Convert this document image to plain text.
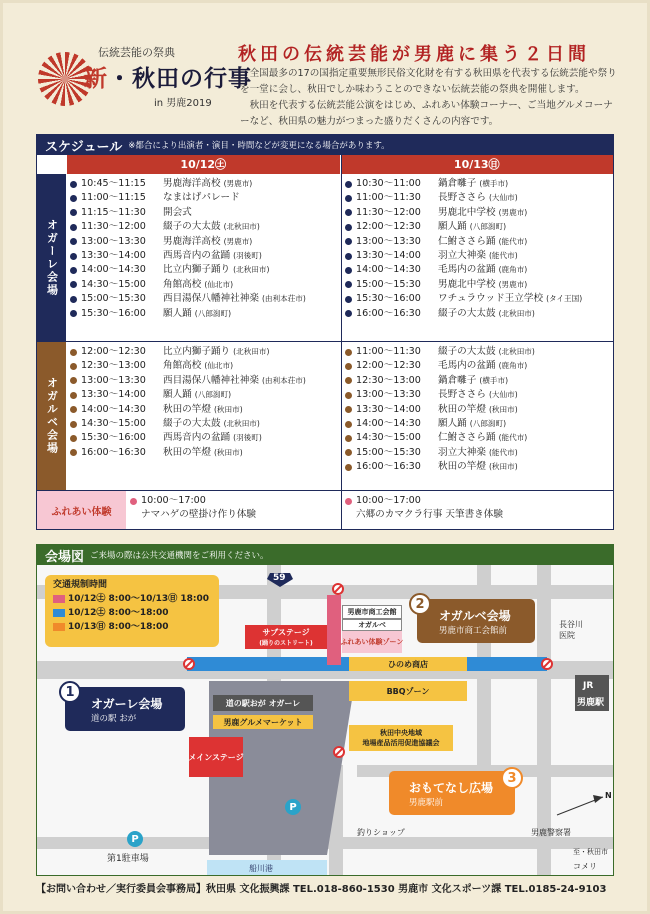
伝統芸能の祭典
新・秋田の行事
in 男鹿2019
秋田の伝統芸能が男鹿に集う２日間

全国最多の17の国指定重要無形民俗文化財を有する秋田県を代表する伝統芸能や祭りを一堂に会し、秋田でしか味わうことのできない伝統芸能の祭典を開催します。

秋田を代表する伝統芸能公演をはじめ、ふれあい体験コーナー、ご当地グルメコーナーなど、秋田県の魅力がつまった盛りだくさんの内容です。

スケジュール ※都合により出演者・演目・時間などが変更になる場合があります。
10/12㊏	10/13㊐
オガーレ会場
オガルベ会場
10:45〜11:15	男鹿海洋高校 (男鹿市)
11:00〜11:15	なまはげパレード
11:15〜11:30	開会式
11:30〜12:00	綴子の大太鼓 (北秋田市)
13:00〜13:30	男鹿海洋高校 (男鹿市)
13:30〜14:00	西馬音内の盆踊 (羽後町)
14:00〜14:30	比立内獅子踊り (北秋田市)
14:30〜15:00	角館高校 (仙北市)
15:00〜15:30	西目湯保八幡神社神楽 (由利本荘市)
15:30〜16:00	願人踊 (八郎潟町)
10:30〜11:00	鍋倉囃子 (横手市)
11:00〜11:30	長野ささら (大仙市)
11:30〜12:00	男鹿北中学校 (男鹿市)
12:00〜12:30	願人踊 (八郎潟町)
13:00〜13:30	仁鮒ささら踊 (能代市)
13:30〜14:00	羽立大神楽 (能代市)
14:00〜14:30	毛馬内の盆踊 (鹿角市)
15:00〜15:30	男鹿北中学校 (男鹿市)
15:30〜16:00	ワチュラウッド王立学校 (タイ王国)
16:00〜16:30	綴子の大太鼓 (北秋田市)
12:00〜12:30	比立内獅子踊り (北秋田市)
12:30〜13:00	角館高校 (仙北市)
13:00〜13:30	西目湯保八幡神社神楽 (由利本荘市)
13:30〜14:00	願人踊 (八郎潟町)
14:00〜14:30	秋田の竿燈 (秋田市)
14:30〜15:00	綴子の大太鼓 (北秋田市)
15:30〜16:00	西馬音内の盆踊 (羽後町)
16:00〜16:30	秋田の竿燈 (秋田市)
11:00〜11:30	綴子の大太鼓 (北秋田市)
12:00〜12:30	毛馬内の盆踊 (鹿角市)
12:30〜13:00	鍋倉囃子 (横手市)
13:00〜13:30	長野ささら (大仙市)
13:30〜14:00	秋田の竿燈 (秋田市)
14:00〜14:30	願人踊 (八郎潟町)
14:30〜15:00	仁鮒ささら踊 (能代市)
15:00〜15:30	羽立大神楽 (能代市)
16:00〜16:30	秋田の竿燈 (秋田市)
ふれあい体験
10:00〜17:00
ナマハゲの壁掛け作り体験
10:00〜17:00
六郷のカマクラ行事 天筆書き体験
会場図 ご来場の際は公共交通機関をご利用ください。
交通規制時間
10/12㊏ 8:00〜10/13㊐ 18:00
10/12㊏ 8:00〜18:00
10/13㊐ 8:00〜18:00
59
男鹿市商工会館
オガルベ
ふれあい体験ゾーン
サブステージ
(踊りのストリート)
オガルベ会場
男鹿市商工会館前
2
オガーレ会場
道の駅 おが
1
道の駅おが オガーレ
男鹿グルメマーケット
メインステージ
P
P
第1駐車場
ひのめ商店
BBQゾーン
秋田中央地域
地場産品活用促進協議会
おもてなし広場
男鹿駅前
3
長谷川
医院
JR
男鹿駅
釣りショップ	男鹿警察署
至・秋田市
コメリ
N
船川港
【お問い合わせ／実行委員会事務局】秋田県 文化振興課 TEL.018-860-1530 男鹿市 文化スポーツ課 TEL.0185-24-9103
